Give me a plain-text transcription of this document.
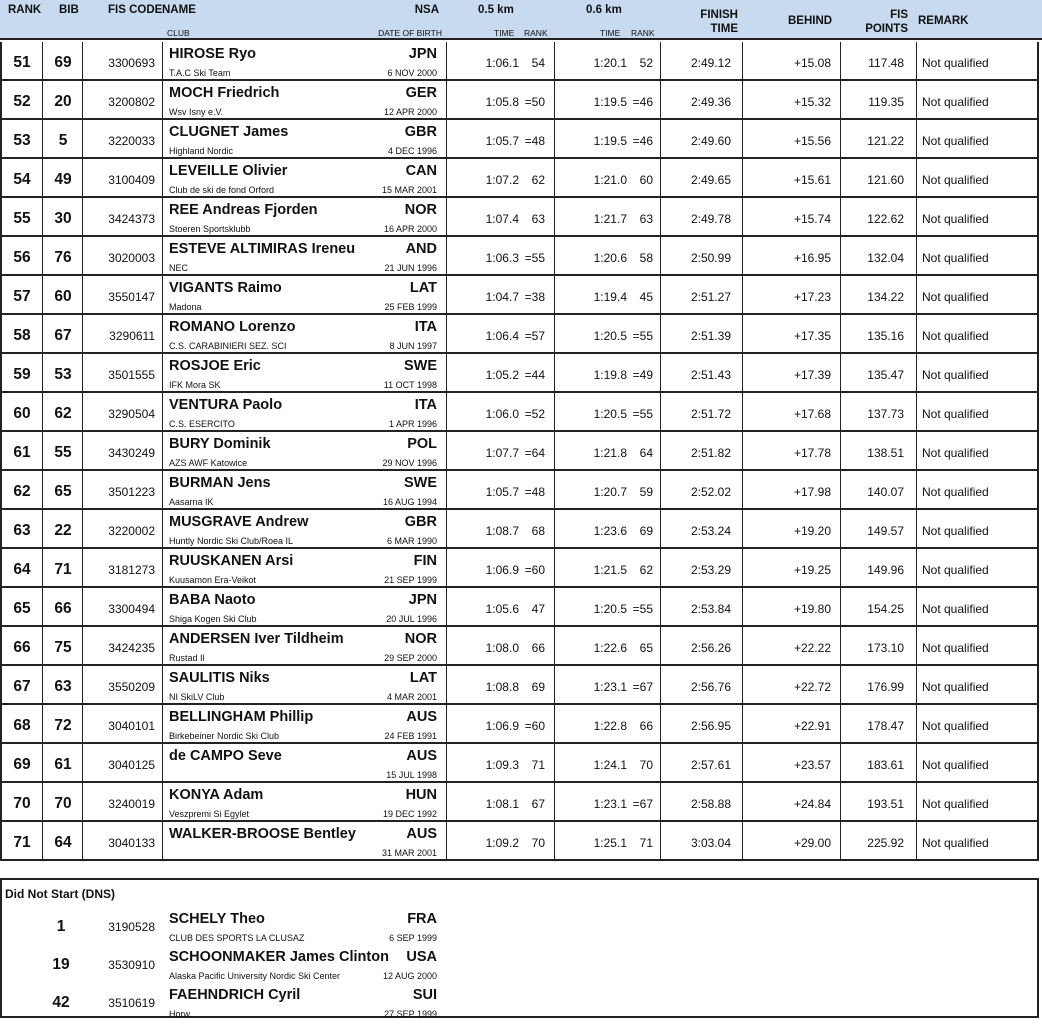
RANK BIB	FIS CODE NAME
CLUB
NSA
DATE OF BIRTH
0.5 km
TIME RANK
0.6 km
TIME RANK
FINISH TIME
BEHIND	FIS POINTS
REMARK
51	69	3300693
HIROSE Ryo
T.A.C Ski Team
JPN
6 NOV 2000
1:06.1 54	1:20.1 52	2:49.12	+15.08	117.48 Not qualified
52	20	3200802
MOCH Friedrich
Wsv Isny e.V.
GER
12 APR 2000
1:05.8 =50	1:19.5 =46	2:49.36	+15.32	119.35 Not qualified
53	5	3220033
CLUGNET James
Highland Nordic
GBR
4 DEC 1996
1:05.7 =48	1:19.5 =46	2:49.60	+15.56	121.22 Not qualified
54	49	3100409
LEVEILLE Olivier
Club de ski de fond Orford
CAN
15 MAR 2001
1:07.2 62	1:21.0 60	2:49.65	+15.61	121.60 Not qualified
55	30	3424373
REE Andreas Fjorden
Stoeren Sportsklubb
NOR
16 APR 2000
1:07.4 63	1:21.7 63	2:49.78	+15.74	122.62 Not qualified
56	76	3020003
ESTEVE ALTIMIRAS Ireneu
NEC
AND
21 JUN 1996
1:06.3 =55	1:20.6 58	2:50.99	+16.95	132.04 Not qualified
57	60	3550147
VIGANTS Raimo
Madona
LAT
25 FEB 1999
1:04.7 =38	1:19.4 45	2:51.27	+17.23	134.22 Not qualified
58	67	3290611
ROMANO Lorenzo
C.S. CARABINIERI SEZ. SCI
ITA
8 JUN 1997
1:06.4 =57	1:20.5 =55	2:51.39	+17.35	135.16 Not qualified
59	53	3501555
ROSJOE Eric
IFK Mora SK
SWE
11 OCT 1998
1:05.2 =44	1:19.8 =49	2:51.43	+17.39	135.47 Not qualified
60	62	3290504
VENTURA Paolo
C.S. ESERCITO
ITA
1 APR 1996
1:06.0 =52	1:20.5 =55	2:51.72	+17.68	137.73 Not qualified
61	55	3430249
BURY Dominik
AZS AWF Katowice
POL
29 NOV 1996
1:07.7 =64	1:21.8 64	2:51.82	+17.78	138.51 Not qualified
62	65	3501223
BURMAN Jens
Aasarna IK
SWE
16 AUG 1994
1:05.7 =48	1:20.7 59	2:52.02	+17.98	140.07 Not qualified
63	22	3220002
MUSGRAVE Andrew
Huntly Nordic Ski Club/Roea IL
GBR
6 MAR 1990
1:08.7 68	1:23.6 69	2:53.24	+19.20	149.57 Not qualified
64	71	3181273
RUUSKANEN Arsi
Kuusamon Era-Veikot
FIN
21 SEP 1999
1:06.9 =60	1:21.5 62	2:53.29	+19.25	149.96 Not qualified
65	66	3300494
BABA Naoto
Shiga Kogen Ski Club
JPN
20 JUL 1996
1:05.6 47	1:20.5 =55	2:53.84	+19.80	154.25 Not qualified
66	75	3424235
ANDERSEN Iver Tildheim
Rustad Il
NOR
29 SEP 2000
1:08.0 66	1:22.6 65	2:56.26	+22.22	173.10 Not qualified
67	63	3550209
SAULITIS Niks
NI SkiLV Club
LAT
4 MAR 2001
1:08.8 69	1:23.1 =67	2:56.76	+22.72	176.99 Not qualified
68	72	3040101
BELLINGHAM Phillip
Birkebeiner Nordic Ski Club
AUS
24 FEB 1991
1:06.9 =60	1:22.8 66	2:56.95	+22.91	178.47 Not qualified
69	61	3040125
de CAMPO Seve	AUS
15 JUL 1998
1:09.3 71	1:24.1 70	2:57.61	+23.57	183.61 Not qualified
70	70	3240019
KONYA Adam
Veszpremi Si Egylet
HUN
19 DEC 1992
1:08.1 67	1:23.1 =67	2:58.88	+24.84	193.51 Not qualified
71	64	3040133
WALKER-BROOSE Bentley	AUS
31 MAR 2001
1:09.2 70	1:25.1 71	3:03.04	+29.00	225.92 Not qualified
Did Not Start (DNS)
1	3190528 SCHELY Theo
CLUB DES SPORTS LA CLUSAZ
FRA
6 SEP 1999
19	3530910 SCHOONMAKER James Clinton
Alaska Pacific University Nordic Ski Center
USA
12 AUG 2000
42	3510619 FAEHNDRICH Cyril
Horw
SUI
27 SEP 1999
